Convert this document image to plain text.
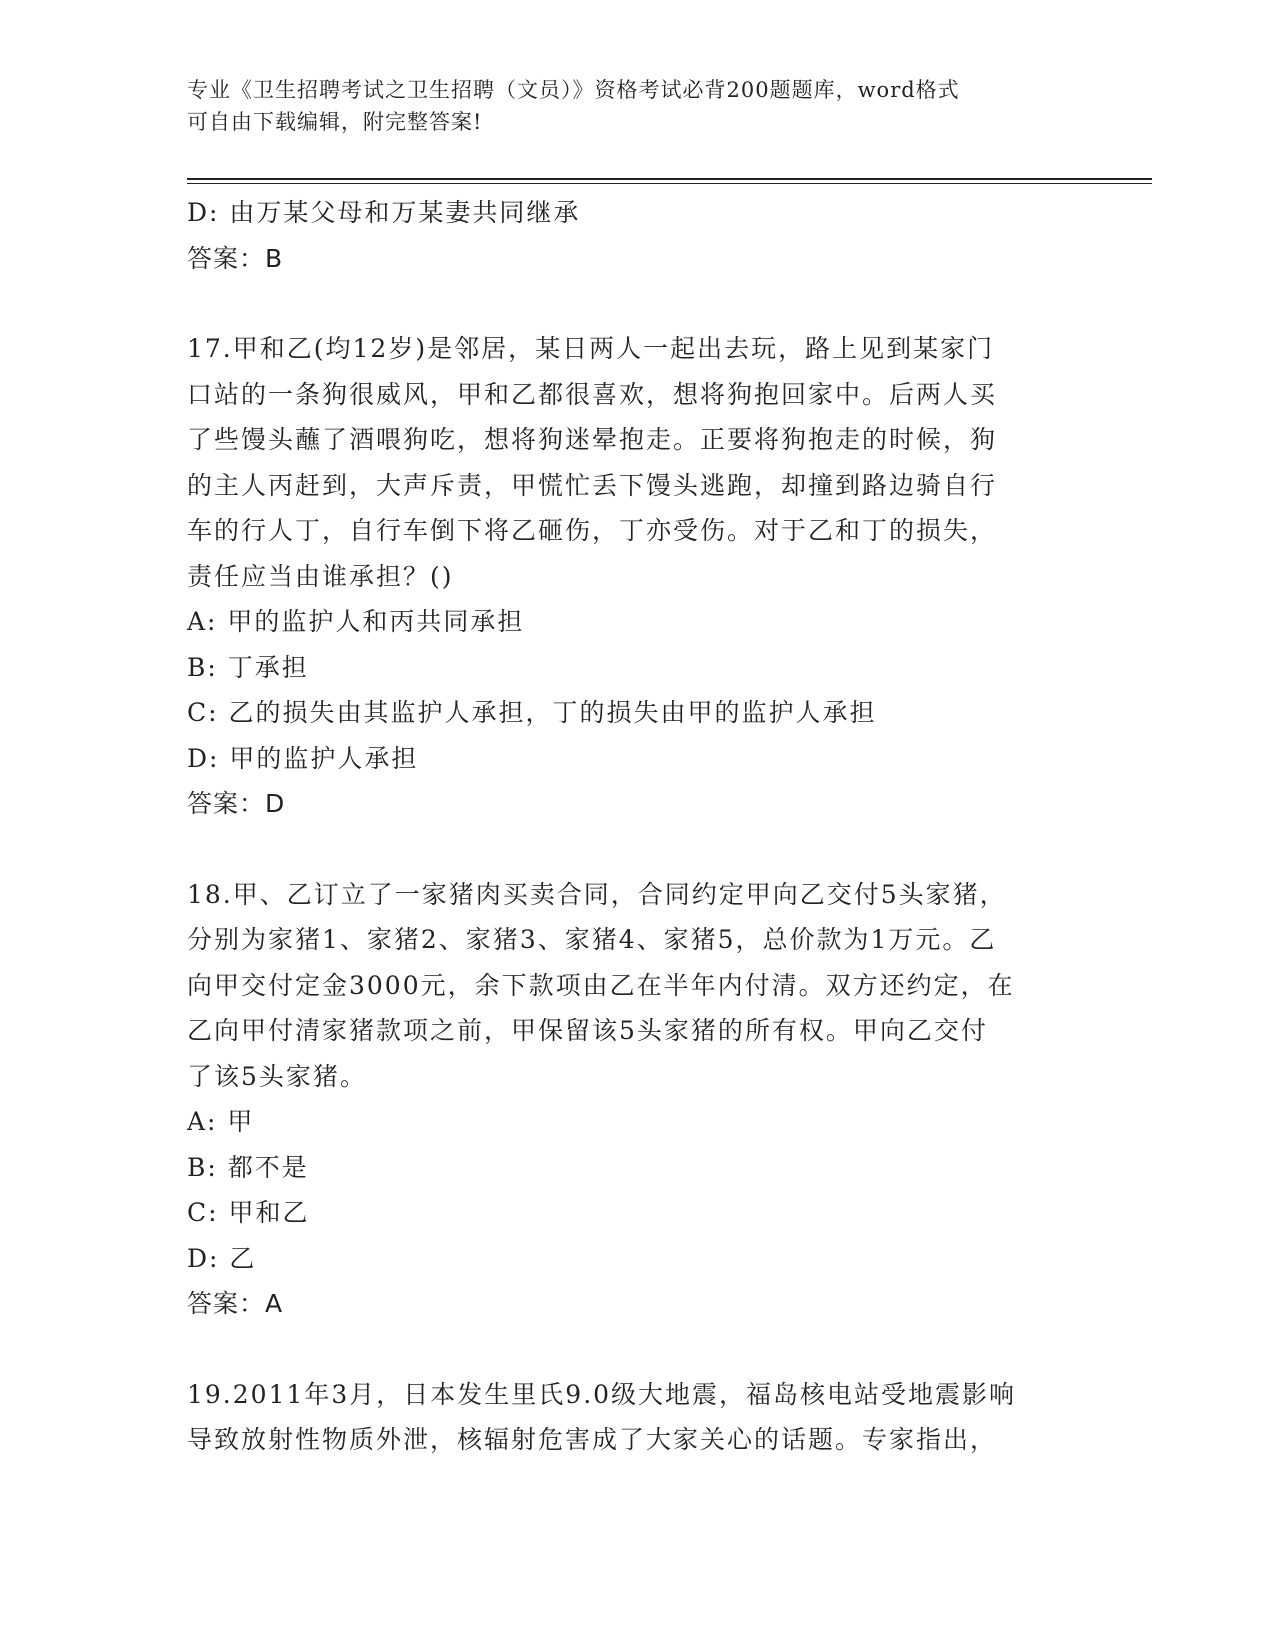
专业《卫生招聘考试之卫生招聘（文员）》资格考试必背200题题库，word格式
可自由下载编辑，附完整答案!
D: 由万某父母和万某妻共同继承
答案：B
17.甲和乙(均12岁)是邻居，某日两人一起出去玩，路上见到某家门
口站的一条狗很威风，甲和乙都很喜欢，想将狗抱回家中。后两人买
了些馒头蘸了酒喂狗吃，想将狗迷晕抱走。正要将狗抱走的时候，狗
的主人丙赶到，大声斥责，甲慌忙丢下馒头逃跑，却撞到路边骑自行
车的行人丁，自行车倒下将乙砸伤，丁亦受伤。对于乙和丁的损失，
责任应当由谁承担？()
A: 甲的监护人和丙共同承担
B: 丁承担
C: 乙的损失由其监护人承担，丁的损失由甲的监护人承担
D: 甲的监护人承担
答案：D
18.甲、乙订立了一家猪肉买卖合同，合同约定甲向乙交付5头家猪，
分别为家猪1、家猪2、家猪3、家猪4、家猪5，总价款为1万元。乙
向甲交付定金3000元，余下款项由乙在半年内付清。双方还约定，在
乙向甲付清家猪款项之前，甲保留该5头家猪的所有权。甲向乙交付
了该5头家猪。
A: 甲
B: 都不是
C: 甲和乙
D: 乙
答案：A
19.2011年3月，日本发生里氏9.0级大地震，福岛核电站受地震影响
导致放射性物质外泄，核辐射危害成了大家关心的话题。专家指出，
